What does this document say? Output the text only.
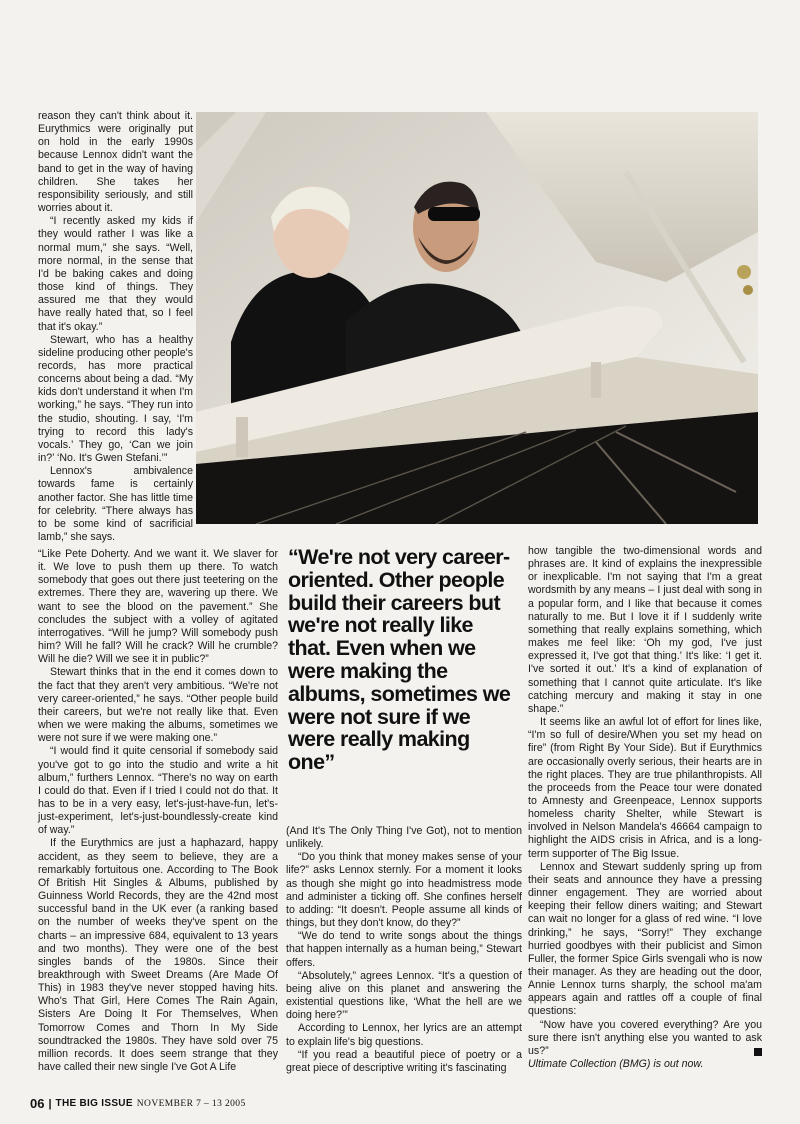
reason they can't think about it. Eurythmics were originally put on hold in the early 1990s because Lennox didn't want the band to get in the way of having children. She takes her responsibility seriously, and still worries about it.

“I recently asked my kids if they would rather I was like a normal mum,” she says. “Well, more normal, in the sense that I'd be baking cakes and doing those kind of things. They assured me that they would have really hated that, so I feel that it's okay.”

Stewart, who has a healthy sideline producing other people's records, has more practical concerns about being a dad. “My kids don't understand it when I'm working,” he says. “They run into the studio, shouting. I say, ‘I'm trying to record this lady's vocals.’ They go, ‘Can we join in?’ ‘No. It's Gwen Stefani.’”

Lennox's ambivalence towards fame is certainly another factor. She has little time for celebrity. “There always has to be some kind of sacrificial lamb,” she says.

“Like Pete Doherty. And we want it. We slaver for it. We love to push them up there. To watch somebody that goes out there just teetering on the extremes. There they are, wavering up there. We want to see the blood on the pavement.” She concludes the subject with a volley of agitated interrogatives. “Will he jump? Will somebody push him? Will he fall? Will he crack? Will he crumble? Will he die? Will we see it in public?”

Stewart thinks that in the end it comes down to the fact that they aren't very ambitious. “We're not very career-oriented,” he says. “Other people build their careers, but we're not really like that. Even when we were making the albums, sometimes we were not sure if we were making one.”

“I would find it quite censorial if somebody said you've got to go into the studio and write a hit album,” furthers Lennox. “There's no way on earth I could do that. Even if I tried I could not do that. It has to be in a very easy, let's-just-have-fun, let's-just-experiment, let's-just-boundlessly-create kind of way.”

If the Eurythmics are just a haphazard, happy accident, as they seem to believe, they are a remarkably fortuitous one. According to The Book Of British Hit Singles & Albums, published by Guinness World Records, they are the 42nd most successful band in the UK ever (a ranking based on the number of weeks they've spent on the charts – an impressive 684, equivalent to 13 years and two months). They were one of the best singles bands of the 1980s. Since their breakthrough with Sweet Dreams (Are Made Of This) in 1983 they've never stopped having hits. Who's That Girl, Here Comes The Rain Again, Sisters Are Doing It For Themselves, When Tomorrow Comes and Thorn In My Side soundtracked the 1980s. They have sold over 75 million records. It does seem strange that they have called their new single I've Got A Life

“We're not very career-oriented. Other people build their careers but we're not really like that. Even when we were making the albums, sometimes we were not sure if we were really making one”

(And It's The Only Thing I've Got), not to mention unlikely.

“Do you think that money makes sense of your life?” asks Lennox sternly. For a moment it looks as though she might go into headmistress mode and administer a ticking off. She confines herself to adding: “It doesn't. People assume all kinds of things, but they don't know, do they?”

“We do tend to write songs about the things that happen internally as a human being,” Stewart offers.

“Absolutely,” agrees Lennox. “It's a question of being alive on this planet and answering the existential questions like, ‘What the hell are we doing here?’”

According to Lennox, her lyrics are an attempt to explain life's big questions.

“If you read a beautiful piece of poetry or a great piece of descriptive writing it's fascinating

how tangible the two-dimensional words and phrases are. It kind of explains the inexpressible or inexplicable. I'm not saying that I'm a great wordsmith by any means – I just deal with song in a popular form, and I like that because it comes naturally to me. But I love it if I suddenly write something that really explains something, which makes me feel like: ‘Oh my god, I've just expressed it, I've got that thing.’ It's like: ‘I get it. I've sorted it out.’ It's a kind of explanation of something that I cannot quite articulate. It's like catching mercury and making it stay in one shape.”

It seems like an awful lot of effort for lines like, “I'm so full of desire/When you set my head on fire” (from Right By Your Side). But if Eurythmics are occasionally overly serious, their hearts are in the right places. They are true philanthropists. All the proceeds from the Peace tour were donated to Amnesty and Greenpeace, Lennox supports homeless charity Shelter, while Stewart is involved in Nelson Mandela's 46664 campaign to highlight the AIDS crisis in Africa, and is a long-term supporter of The Big Issue.

Lennox and Stewart suddenly spring up from their seats and announce they have a pressing dinner engagement. They are worried about keeping their fellow diners waiting; and Stewart can wait no longer for a glass of red wine. “I love drinking,” he says, “Sorry!” They exchange hurried goodbyes with their publicist and Simon Fuller, the former Spice Girls svengali who is now their manager. As they are heading out the door, Annie Lennox turns sharply, the school ma'am appears again and rattles off a couple of final questions:

“Now have you covered everything? Are you sure there isn't anything else you wanted to ask us?”

Ultimate Collection (BMG) is out now.

06 | THE BIG ISSUE NOVEMBER 7 – 13 2005
